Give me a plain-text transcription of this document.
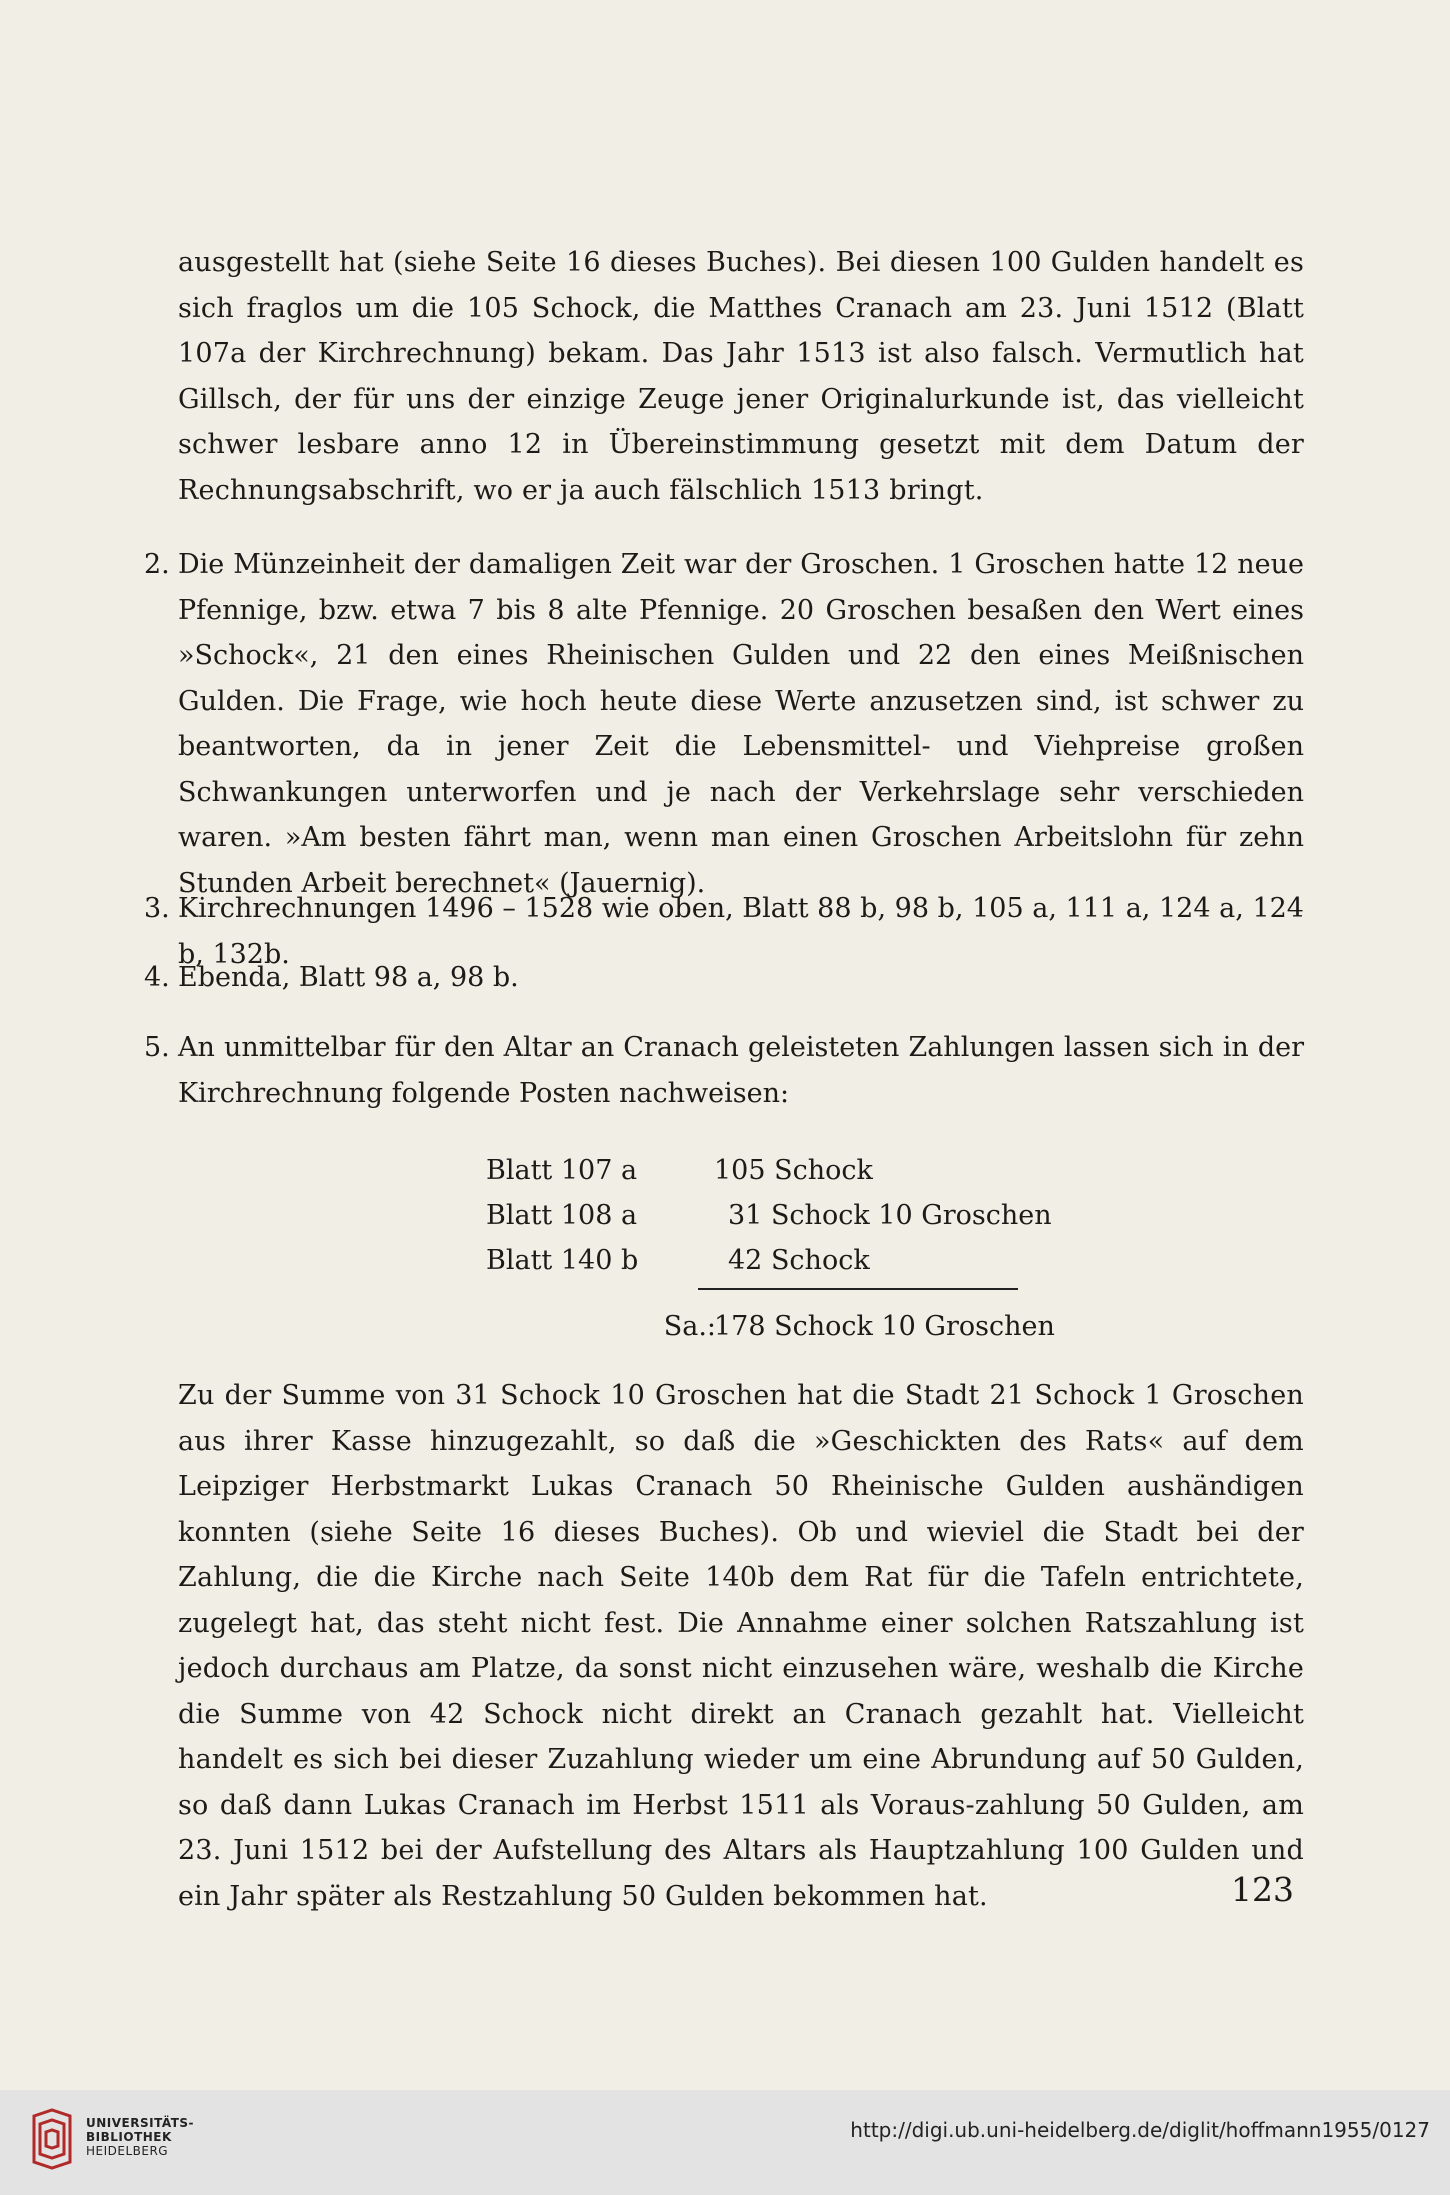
ausgestellt hat (siehe Seite 16 dieses Buches). Bei diesen 100 Gulden handelt es sich fraglos um die 105 Schock, die Matthes Cranach am 23. Juni 1512 (Blatt 107a der Kirchrechnung) bekam. Das Jahr 1513 ist also falsch. Vermutlich hat Gillsch, der für uns der einzige Zeuge jener Originalurkunde ist, das vielleicht schwer lesbare anno 12 in Übereinstimmung gesetzt mit dem Datum der Rechnungsabschrift, wo er ja auch fälschlich 1513 bringt.

2. Die Münzeinheit der damaligen Zeit war der Groschen. 1 Groschen hatte 12 neue Pfennige, bzw. etwa 7 bis 8 alte Pfennige. 20 Groschen besaßen den Wert eines »Schock«, 21 den eines Rheinischen Gulden und 22 den eines Meißnischen Gulden. Die Frage, wie hoch heute diese Werte anzusetzen sind, ist schwer zu beantworten, da in jener Zeit die Lebensmittel- und Viehpreise großen Schwankungen unterworfen und je nach der Verkehrslage sehr verschieden waren. »Am besten fährt man, wenn man einen Groschen Arbeitslohn für zehn Stunden Arbeit berechnet« (Jauernig).
3. Kirchrechnungen 1496 – 1528 wie oben, Blatt 88 b, 98 b, 105 a, 111 a, 124 a, 124 b, 132b.
4. Ebenda, Blatt 98 a, 98 b.
5. An unmittelbar für den Altar an Cranach geleisteten Zahlungen lassen sich in der Kirchrechnung folgende Posten nachweisen:
Blatt 107 a	105 Schock
Blatt 108 a	31 Schock 10 Groschen
Blatt 140 b	42 Schock
Sa.:
178 Schock 10 Groschen

Zu der Summe von 31 Schock 10 Groschen hat die Stadt 21 Schock 1 Groschen aus ihrer Kasse hinzugezahlt, so daß die »Geschickten des Rats« auf dem Leipziger Herbstmarkt Lukas Cranach 50 Rheinische Gulden aushändigen konnten (siehe Seite 16 dieses Buches). Ob und wieviel die Stadt bei der Zahlung, die die Kirche nach Seite 140b dem Rat für die Tafeln entrichtete, zugelegt hat, das steht nicht fest. Die Annahme einer solchen Ratszahlung ist jedoch durchaus am Platze, da sonst nicht einzusehen wäre, weshalb die Kirche die Summe von 42 Schock nicht direkt an Cranach gezahlt hat. Vielleicht handelt es sich bei dieser Zuzahlung wieder um eine Abrundung auf 50 Gulden, so daß dann Lukas Cranach im Herbst 1511 als Voraus-zahlung 50 Gulden, am 23. Juni 1512 bei der Aufstellung des Altars als Hauptzahlung 100 Gulden und ein Jahr später als Restzahlung 50 Gulden bekommen hat.	123
UNIVERSITÄTS-
BIBLIOTHEK
HEIDELBERG
http://digi.ub.uni-heidelberg.de/diglit/hoffmann1955/0127
